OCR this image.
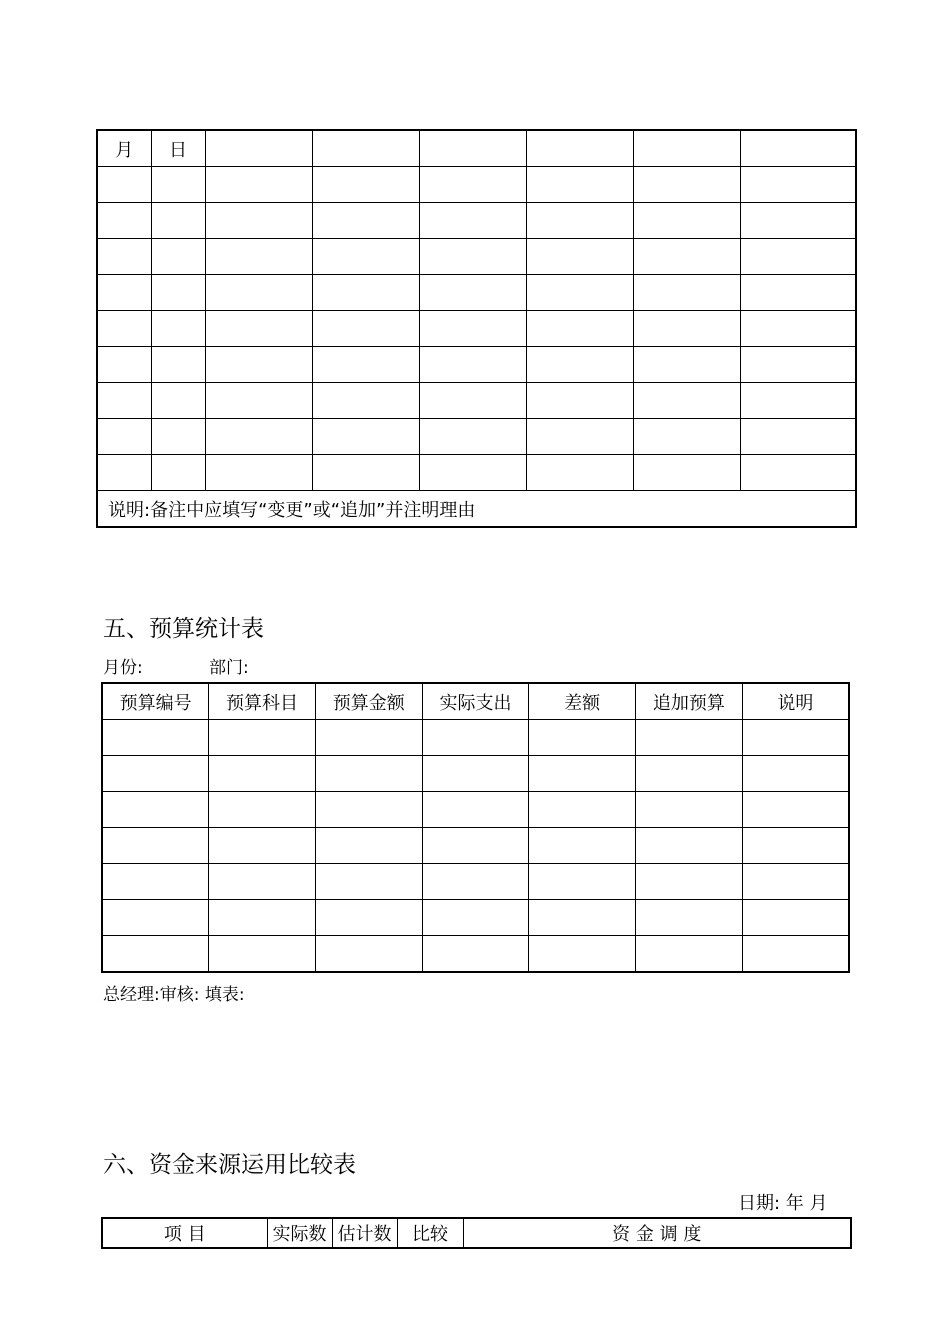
月	日						

说明:备注中应填写“变更”或“追加”并注明理由							
五、预算统计表
月份:	部门:
预算编号	预算科目	预算金额	实际支出	差额	追加预算	说明

总经理:审核: 填表:
六、资金来源运用比较表
日期: 年 月
项 目	实际数	估计数	比较	资 金 调 度
